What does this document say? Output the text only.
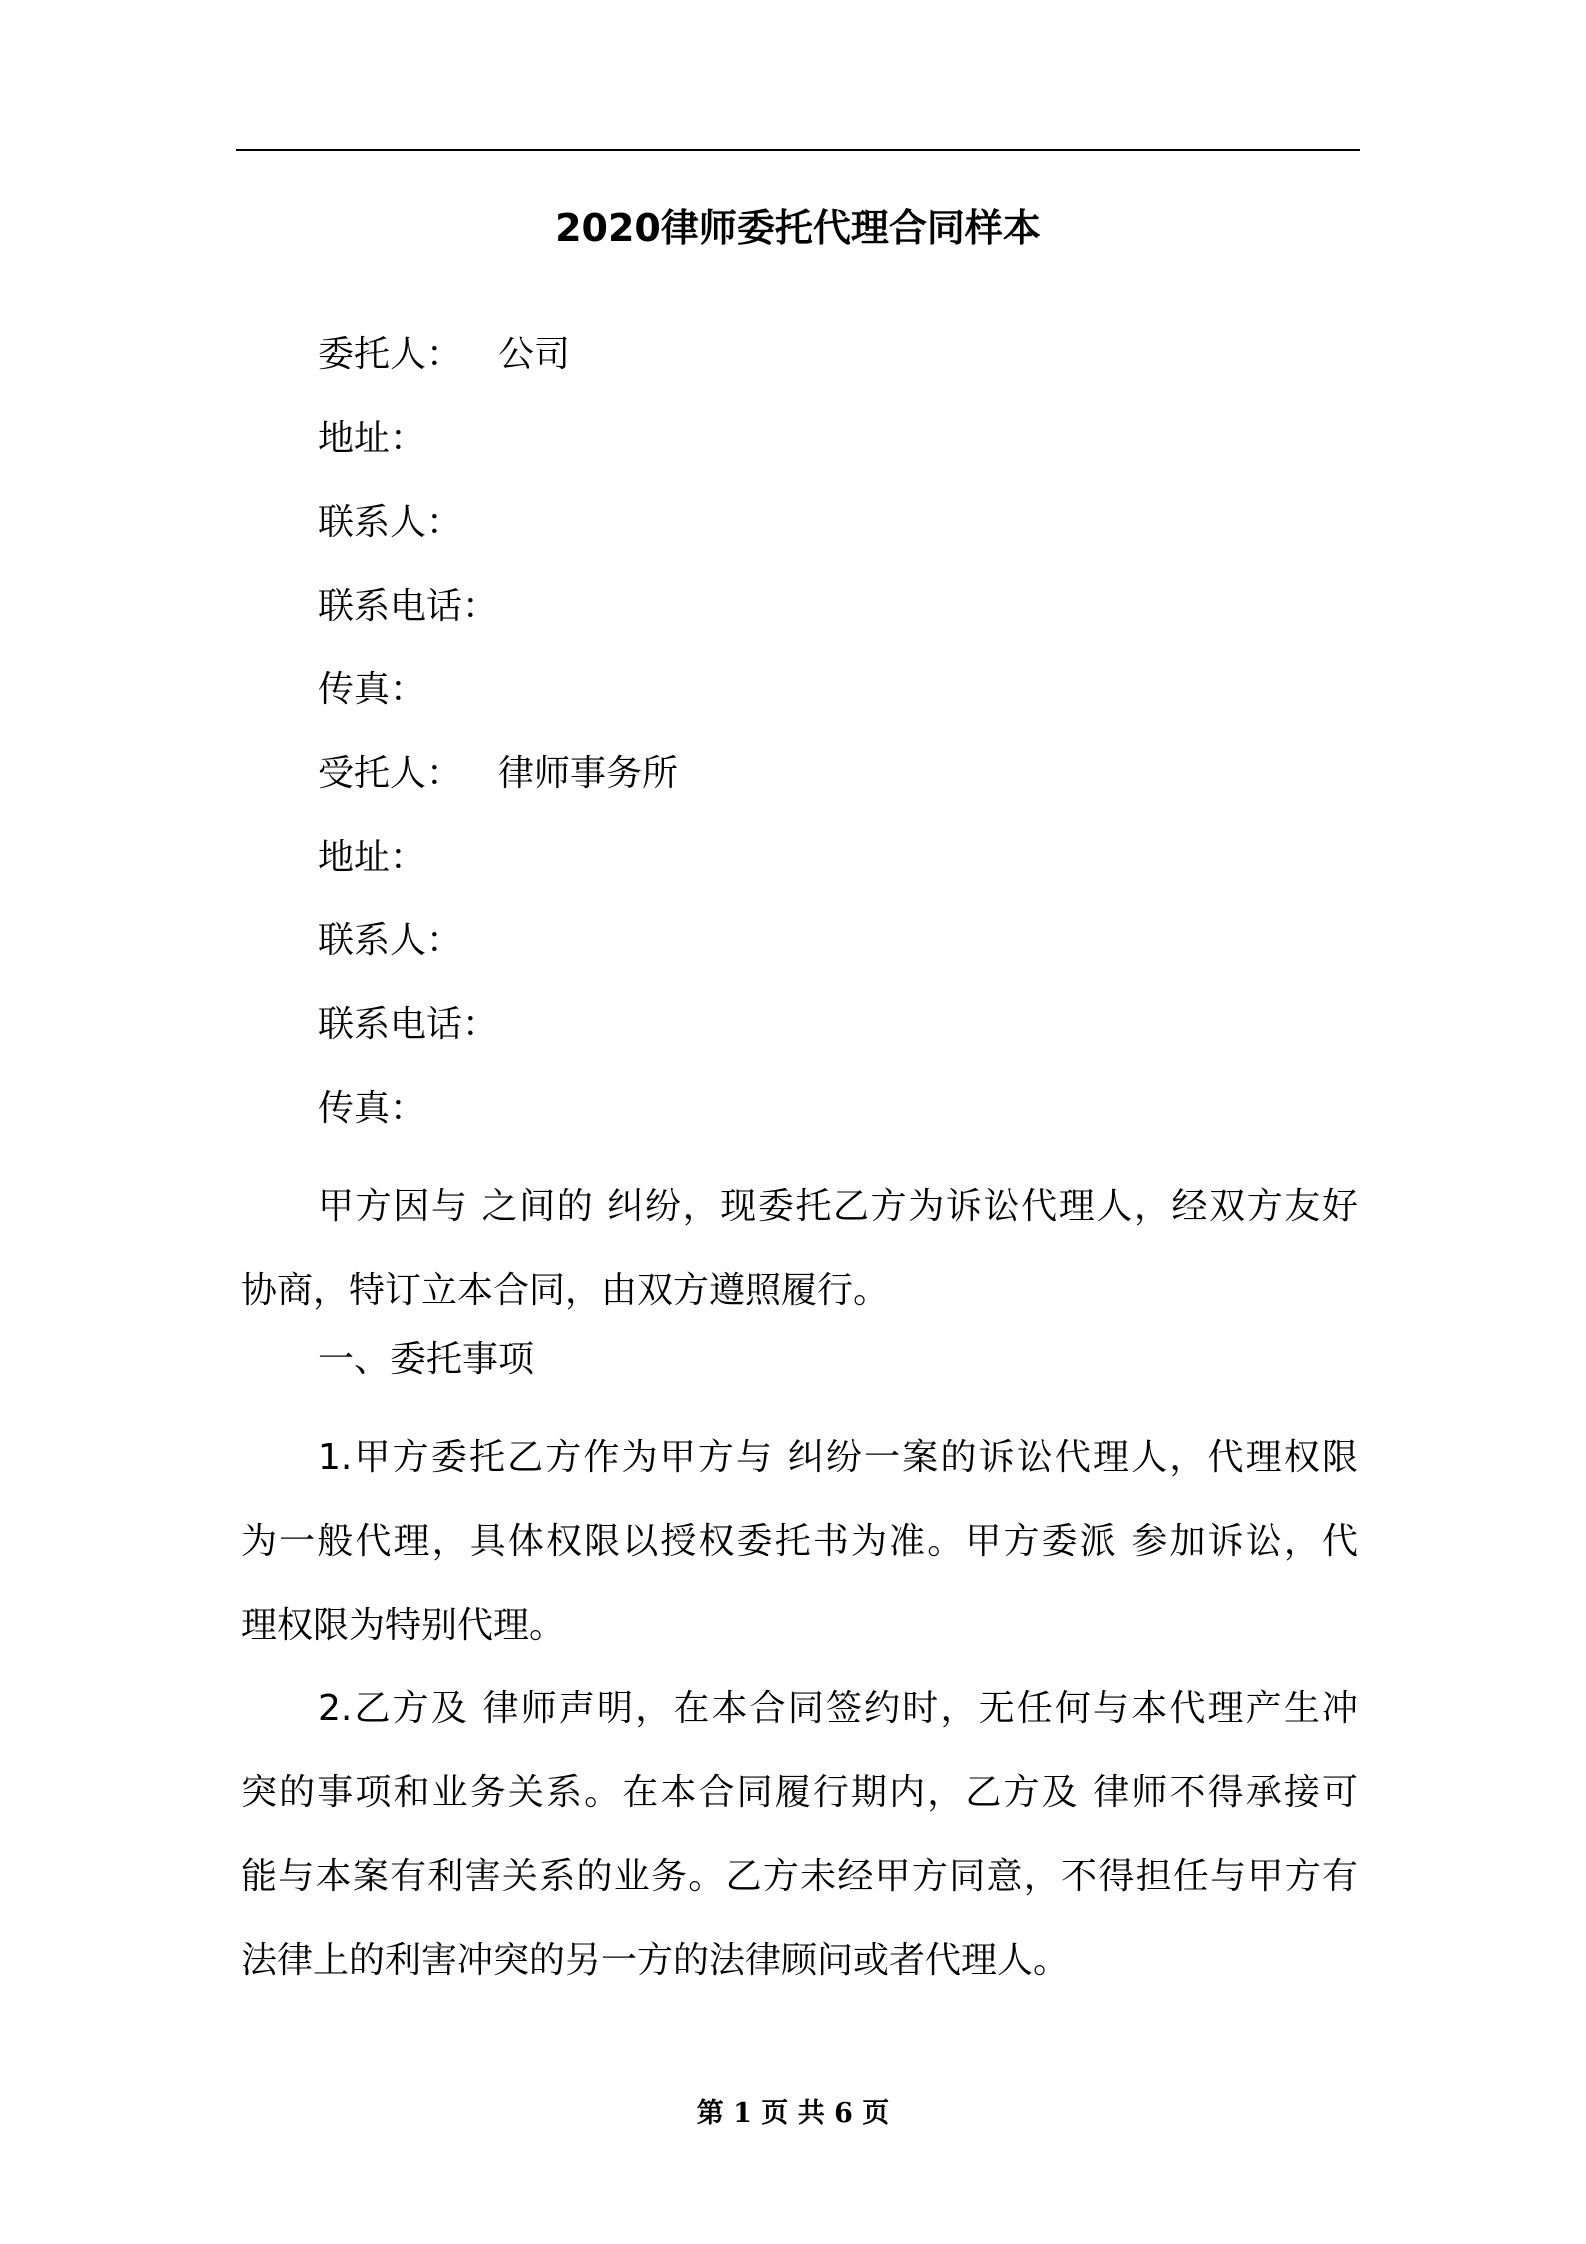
2020律师委托代理合同样本

委托人： 公司

地址：

联系人：

联系电话：

传真：

受托人： 律师事务所

地址：

联系人：

联系电话：

传真：

甲方因与 之间的 纠纷，现委托乙方为诉讼代理人，经双方友好
协商，特订立本合同，由双方遵照履行。

一、委托事项

1.甲方委托乙方作为甲方与 纠纷一案的诉讼代理人，代理权限
为一般代理，具体权限以授权委托书为准。甲方委派 参加诉讼，代
理权限为特别代理。
2.乙方及 律师声明，在本合同签约时，无任何与本代理产生冲
突的事项和业务关系。在本合同履行期内，乙方及 律师不得承接可
能与本案有利害关系的业务。乙方未经甲方同意，不得担任与甲方有
法律上的利害冲突的另一方的法律顾问或者代理人。

第 1 页 共 6 页
